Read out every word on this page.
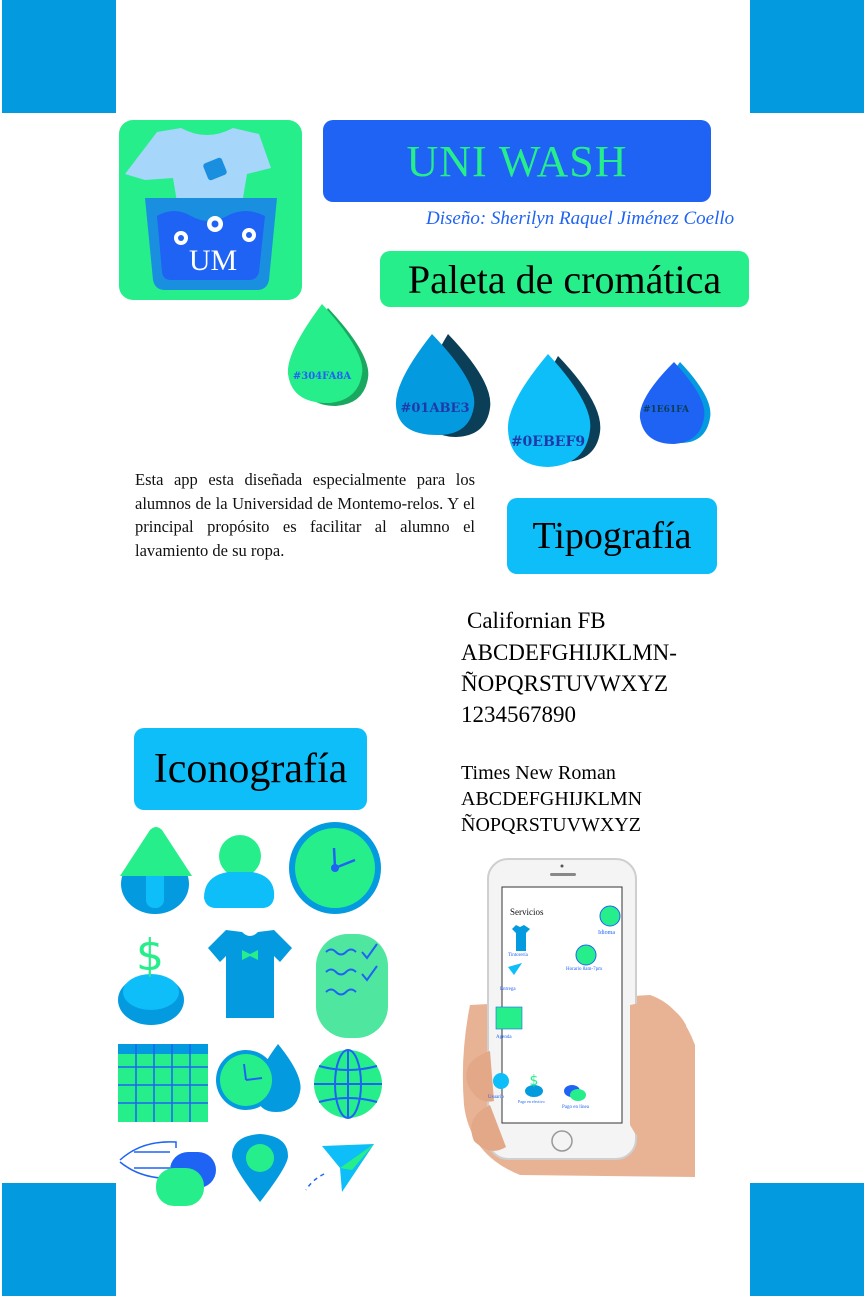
UM
UNI WASH
Diseño: Sherilyn Raquel Jiménez Coello
Paleta de cromática
#304FA8A
#01ABE3
#0EBEF9
#1E61FA
Esta app esta diseñada especialmente para los alumnos de la Universidad de Montemo-relos. Y el principal propósito es facilitar al alumno el lavamiento de su ropa.	Tipografía
Californian FB
ABCDEFGHIJKLMN-
ÑOPQRSTUVWXYZ
1234567890
Times New Roman
ABCDEFGHIJKLMN
ÑOPQRSTUVWXYZ
Iconografía
$
$
Servicios
Idioma
Tintorería
Horario 8am-7pm
Entrega
Agenda
Usuario
Pago en efectivo
Pago en línea
